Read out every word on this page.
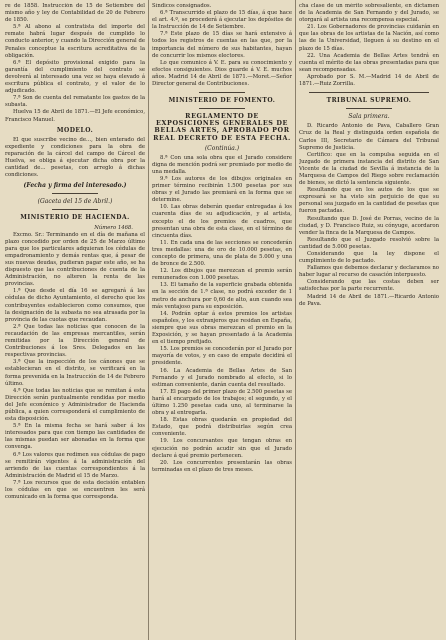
re de 1858. Instrucción de 15 de Setiembre del mismo año y ley de Contabilidad de 20 de Febrero de 1850.

5.ª Al abono al contratista del importe del remate habrá lugar después de cumplido lo conducto anterior, y cuando la Dirección general de Penales conceptue la escritura acreditativa de la obligación.

6.ª El depósito provisional exigido para la garantía del cumplimiento del contrato se devolverá al interesado una vez se haya elevado á escritura pública el contrato, y el valor de lo adjudicado.

7.ª Son de cuenta del rematante los gastos de la subasta.

Huelva 15 de Abril de 1871.—El Jefe económico, Francisco Manuel.

MODELO.

El que suscribe vecino de..., bien enterado del expediente y condiciones para la obra de reparación de la cárcel del campo de Cárcel de Huelva, se obliga á ejecutar dicha obra por la cantidad de... pesetas, con arreglo á dichas condiciones.

(Fecha y firma del interesado.)
(Gaceta del 15 de Abril.)
MINISTERIO DE HACIENDA.
Número 1468.

Excmo. Sr.: Terminando en el día de mañana el plazo concedido por orden de 25 de Marzo último para que los particulares adquieran los cédulas de empadronamiento y demás rentas que, á pesar de sus nuevas deudas, pudieran pagar este año, se ha dispuesto que las contribuciones de cuenta de la Administración, no alteren la renta de las provincias.

1.ª Que desde el día 16 se agregará á las cédulas de dicho Ayuntamiento, el derecho que los contribuyentes establecieron como consumos, que la designación de la subasta no sea atrasada por la provincia de las cuotas que recaudan.

2.ª Que todas las noticias que conocen de la recaudación de las empresas mercantiles, serán remitidas por la Dirección general de Contribuciones á los Sres. Delegados en las respectivas provincias.

3.ª Que la inspección de los cánones que se establecieran en el distrito, se verificará en la forma prevenida en la Instrucción de 14 de Febrero último.

4.ª Que todas las noticias que se remitan á esta Dirección serán puntualmente rendidas por medio del Jefe económico y Administrador de Hacienda pública, a quien corresponderá el cumplimiento de esta disposición.

5.ª En la misma fecha se hará saber á los interesados para que con tiempo las cantidades de las mismas puedan ser abonadas en la forma que convenga.

6.ª Los valores que redimen sus cédulas de pago se remitirán vigentes á la administración del arriendo de las cuentas correspondientes á la Administración de Madrid el 15 de Marzo.

7.ª Los recursos que de esta decisión entablen los cédulas en que se encuentren les será comunicado en la forma que corresponda.

Síndicos consignados.

6.ª Transcurrido el plazo de 15 días, á que hace el art. 4.º, se procederá á ejecutar los depósitos de la Instrucción de 14 de Setiembre.

7.ª Este plazo de 15 días se hará extensivo á todos los registros de cuentas en las que, por la importancia del número de sus habitantes, hayan de concurrir los mismos electores.

Lo que comunico á V. E. para su conocimiento y efectos consiguientes. Dios guarde á V. E. muchos años. Madrid 14 de Abril de 1871.—Moret.—Señor Director general de Contribuciones.

MINISTERIO DE FOMENTO.
REGLAMENTO DE EXPOSICIONES GENERALES DE BELLAS ARTES, APROBADO POR REAL DECRETO DE ESTA FECHA.
(Continúa.)

8.ª Con una sola obra que el Jurado considere digna de mención podrá ser premiado por medio de una medalla.

9.ª Los autores de los dibujos originales en primer término recibirán 1.500 pesetas por sus obras y el Jurado las premiará en la forma que se determine.

10. Las obras deberán quedar entregadas á los cuarenta días de su adjudicación, y al artista, excepto el de los premios de cuadros, que presentan una obra de esta clase, en el término de cincuenta días.

11. En cada una de las secciones se concederán tres medallas: una de oro de 10.000 pesetas, en concepto de primera, una de plata de 5.000 y una de bronce de 2.500.

12. Los dibujos que merezcan el premio serán remunerados con 1.000 pesetas.

13. El tamaño de la superficie grabada obtenida en la sección de 1.ª clase, no podrá exceder de 1 metro de anchura por 0,60 de alto, aun cuando sea más ventajoso para su exposición.

14. Podrán optar á estos premios los artistas españoles, y los extranjeros que residan en España, siempre que sus obras merezcan el premio en la Exposición, y se hayan presentado á la Academia en el tiempo prefijado.

15. Los premios se concederán por el Jurado por mayoría de votos, y en caso de empate decidirá el presidente.

16. La Academia de Bellas Artes de San Fernando y el Jurado nombrado al efecto, si lo estiman conveniente, darán cuenta del resultado.

17. El pago del primer plazo de 2.500 pesetas se hará al encargado de los trabajos; el segundo, y el último 1.250 pesetas cada uno, al terminarse la obra y al entregarla.

18. Estas obras quedarán en propiedad del Estado, que podrá distribuirlas según crea conveniente.

19. Los concursantes que tengan obras en ejecución no podrán acudir sin que el Jurado declare á qué premio pertenecen.

20. Los concurrentes presentarán las obras terminadas en el plazo de tres meses.

cha clase de un mérito sobresaliente, en dictamen de la Academia de San Fernando y del Jurado, se otorgará al artista una recompensa especial.

21. Los Gobernadores de provincias cuidarán en que las obras de los artistas de la Nación, así como las de la Universidad, lleguen á su destino en el plazo de 15 días.

22. Una Academia de Bellas Artes tendrá en cuenta el mérito de las obras presentadas para que sean recompensadas.

Aprobado por S. M.—Madrid 14 de Abril de 1871.—Ruiz Zorrilla.

TRIBUNAL SUPREMO.
Sala primera.

D. Ricardo Antonio de Pava, Caballero Gran Cruz de la Real y distinguida orden española de Carlos III, Secretario de Cámara del Tribunal Supremo de Justicia.

Certifico: que en la compulsa seguida en el Juzgado de primera instancia del distrito de San Vicente de la ciudad de Sevilla á instancia de la Marquesa de Campos del Riego sobre reclamación de bienes, se dictó la sentencia siguiente.

Resultando que en los autos de los que se expresará se ha visto sin perjuicio de que su personal sea juzgado en la cantidad de pesetas que fueron pactadas.

Resultando que D. José de Porras, vecino de la ciudad, y D. Francisco Ruiz, su cónyuge, acordaron vender la finca de la Marquesa de Campos.

Resultando que el Juzgado resolvió sobre la cantidad de 5.000 pesetas.

Considerando que la ley dispone el cumplimiento de lo pactado.

Fallamos que debemos declarar y declaramos no haber lugar al recurso de casación interpuesto.

Considerando que las costas deben ser satisfechas por la parte recurrente.

Madrid 14 de Abril de 1871.—Ricardo Antonio de Pava.
